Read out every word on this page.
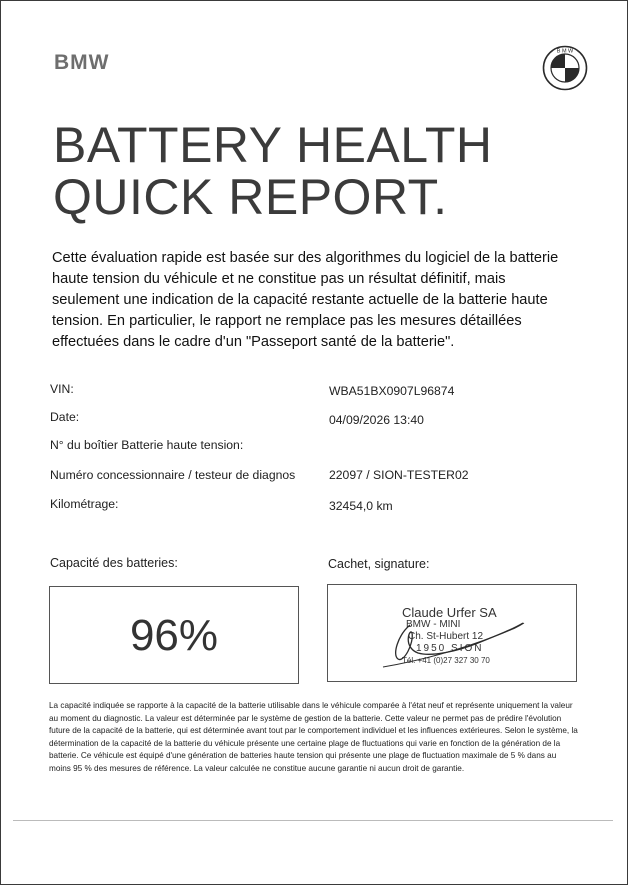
BMW	B M W
BATTERY HEALTH
QUICK REPORT.

Cette évaluation rapide est basée sur des algorithmes du logiciel de la batterie haute tension du véhicule et ne constitue pas un résultat définitif, mais seulement une indication de la capacité restante actuelle de la batterie haute tension. En particulier, le rapport ne remplace pas les mesures détaillées effectuées dans le cadre d'un "Passeport santé de la batterie".

VIN:	WBA51BX0907L96874
Date:	04/09/2026 13:40
N° du boîtier Batterie haute tension:
Numéro concessionnaire / testeur de diagnos	22097 / SION-TESTER02
Kilométrage:	32454,0 km
Capacité des batteries:	Cachet, signature:
96%	Claude Urfer SA
BMW - MINI
Ch. St-Hubert 12
1950 SION
Tél. +41 (0)27 327 30 70

La capacité indiquée se rapporte à la capacité de la batterie utilisable dans le véhicule comparée à l'état neuf et représente uniquement la valeur au moment du diagnostic. La valeur est déterminée par le système de gestion de la batterie. Cette valeur ne permet pas de prédire l'évolution future de la capacité de la batterie, qui est déterminée avant tout par le comportement individuel et les influences extérieures. Selon le système, la détermination de la capacité de la batterie du véhicule présente une certaine plage de fluctuations qui varie en fonction de la génération de la batterie. Ce véhicule est équipé d'une génération de batteries haute tension qui présente une plage de fluctuation maximale de 5 % dans au moins 95 % des mesures de référence. La valeur calculée ne constitue aucune garantie ni aucun droit de garantie.
